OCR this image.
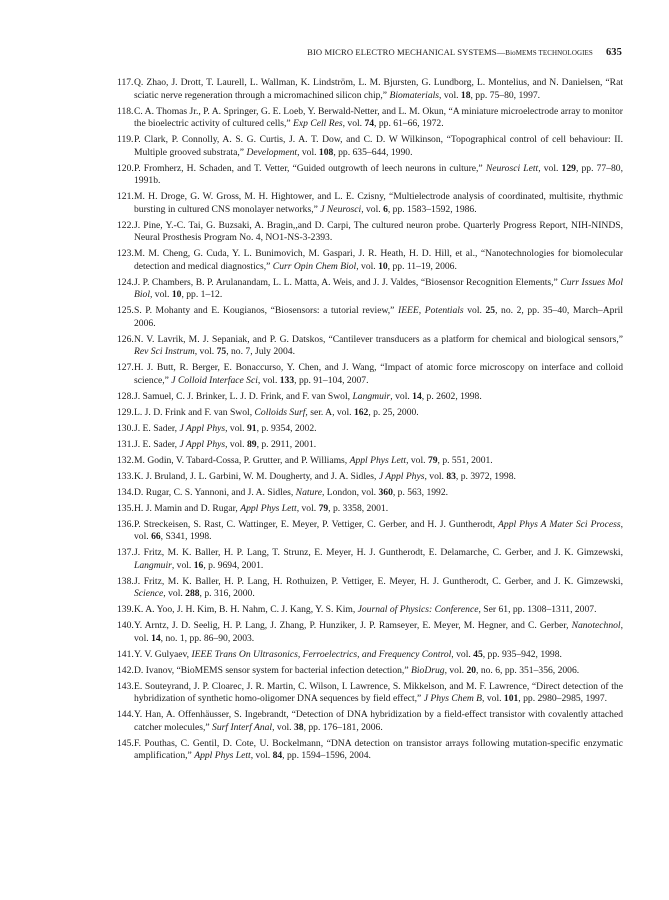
BIO MICRO ELECTRO MECHANICAL SYSTEMS—BioMEMS TECHNOLOGIES 635
117. Q. Zhao, J. Drott, T. Laurell, L. Wallman, K. Lindström, L. M. Bjursten, G. Lundborg, L. Montelius, and N. Danielsen, “Rat sciatic nerve regeneration through a micromachined silicon chip,” Biomaterials, vol. 18, pp. 75–80, 1997.
118. C. A. Thomas Jr., P. A. Springer, G. E. Loeb, Y. Berwald-Netter, and L. M. Okun, “A miniature microelectrode array to monitor the bioelectric activity of cultured cells,” Exp Cell Res, vol. 74, pp. 61–66, 1972.
119. P. Clark, P. Connolly, A. S. G. Curtis, J. A. T. Dow, and C. D. W Wilkinson, “Topographical control of cell behaviour: II. Multiple grooved substrata,” Development, vol. 108, pp. 635–644, 1990.
120. P. Fromherz, H. Schaden, and T. Vetter, “Guided outgrowth of leech neurons in culture,” Neurosci Lett, vol. 129, pp. 77–80, 1991b.
121. M. H. Droge, G. W. Gross, M. H. Hightower, and L. E. Czisny, “Multielectrode analysis of coordinated, multisite, rhythmic bursting in cultured CNS monolayer networks,” J Neurosci, vol. 6, pp. 1583–1592, 1986.
122. J. Pine, Y.-C. Tai, G. Buzsaki, A. Bragin,,and D. Carpi, The cultured neuron probe. Quarterly Progress Report, NIH-NINDS, Neural Prosthesis Program No. 4, NO1-NS-3-2393.
123. M. M. Cheng, G. Cuda, Y. L. Bunimovich, M. Gaspari, J. R. Heath, H. D. Hill, et al., “Nanotechnologies for biomolecular detection and medical diagnostics,” Curr Opin Chem Biol, vol. 10, pp. 11–19, 2006.
124. J. P. Chambers, B. P. Arulanandam, L. L. Matta, A. Weis, and J. J. Valdes, “Biosensor Recognition Elements,” Curr Issues Mol Biol, vol. 10, pp. 1–12.
125. S. P. Mohanty and E. Kougianos, “Biosensors: a tutorial review,” IEEE, Potentials vol. 25, no. 2, pp. 35–40, March–April 2006.
126. N. V. Lavrik, M. J. Sepaniak, and P. G. Datskos, “Cantilever transducers as a platform for chemical and biological sensors,” Rev Sci Instrum, vol. 75, no. 7, July 2004.
127. H. J. Butt, R. Berger, E. Bonaccurso, Y. Chen, and J. Wang, “Impact of atomic force microscopy on interface and colloid science,” J Colloid Interface Sci, vol. 133, pp. 91–104, 2007.
128. J. Samuel, C. J. Brinker, L. J. D. Frink, and F. van Swol, Langmuir, vol. 14, p. 2602, 1998.
129. L. J. D. Frink and F. van Swol, Colloids Surf, ser. A, vol. 162, p. 25, 2000.
130. J. E. Sader, J Appl Phys, vol. 91, p. 9354, 2002.
131. J. E. Sader, J Appl Phys, vol. 89, p. 2911, 2001.
132. M. Godin, V. Tabard-Cossa, P. Grutter, and P. Williams, Appl Phys Lett, vol. 79, p. 551, 2001.
133. K. J. Bruland, J. L. Garbini, W. M. Dougherty, and J. A. Sidles, J Appl Phys, vol. 83, p. 3972, 1998.
134. D. Rugar, C. S. Yannoni, and J. A. Sidles, Nature, London, vol. 360, p. 563, 1992.
135. H. J. Mamin and D. Rugar, Appl Phys Lett, vol. 79, p. 3358, 2001.
136. P. Streckeisen, S. Rast, C. Wattinger, E. Meyer, P. Vettiger, C. Gerber, and H. J. Guntherodt, Appl Phys A Mater Sci Process, vol. 66, S341, 1998.
137. J. Fritz, M. K. Baller, H. P. Lang, T. Strunz, E. Meyer, H. J. Guntherodt, E. Delamarche, C. Gerber, and J. K. Gimzewski, Langmuir, vol. 16, p. 9694, 2001.
138. J. Fritz, M. K. Baller, H. P. Lang, H. Rothuizen, P. Vettiger, E. Meyer, H. J. Guntherodt, C. Gerber, and J. K. Gimzewski, Science, vol. 288, p. 316, 2000.
139. K. A. Yoo, J. H. Kim, B. H. Nahm, C. J. Kang, Y. S. Kim, Journal of Physics: Conference, Ser 61, pp. 1308–1311, 2007.
140. Y. Arntz, J. D. Seelig, H. P. Lang, J. Zhang, P. Hunziker, J. P. Ramseyer, E. Meyer, M. Hegner, and C. Gerber, Nanotechnol, vol. 14, no. 1, pp. 86–90, 2003.
141. Y. V. Gulyaev, IEEE Trans On Ultrasonics, Ferroelectrics, and Frequency Control, vol. 45, pp. 935–942, 1998.
142. D. Ivanov, “BioMEMS sensor system for bacterial infection detection,” BioDrug, vol. 20, no. 6, pp. 351–356, 2006.
143. E. Souteyrand, J. P. Cloarec, J. R. Martin, C. Wilson, I. Lawrence, S. Mikkelson, and M. F. Lawrence, “Direct detection of the hybridization of synthetic homo-oligomer DNA sequences by field effect,” J Phys Chem B, vol. 101, pp. 2980–2985, 1997.
144. Y. Han, A. Offenhäusser, S. Ingebrandt, “Detection of DNA hybridization by a field-effect transistor with covalently attached catcher molecules,” Surf Interf Anal, vol. 38, pp. 176–181, 2006.
145. F. Pouthas, C. Gentil, D. Cote, U. Bockelmann, “DNA detection on transistor arrays following mutation-specific enzymatic amplification,” Appl Phys Lett, vol. 84, pp. 1594–1596, 2004.
